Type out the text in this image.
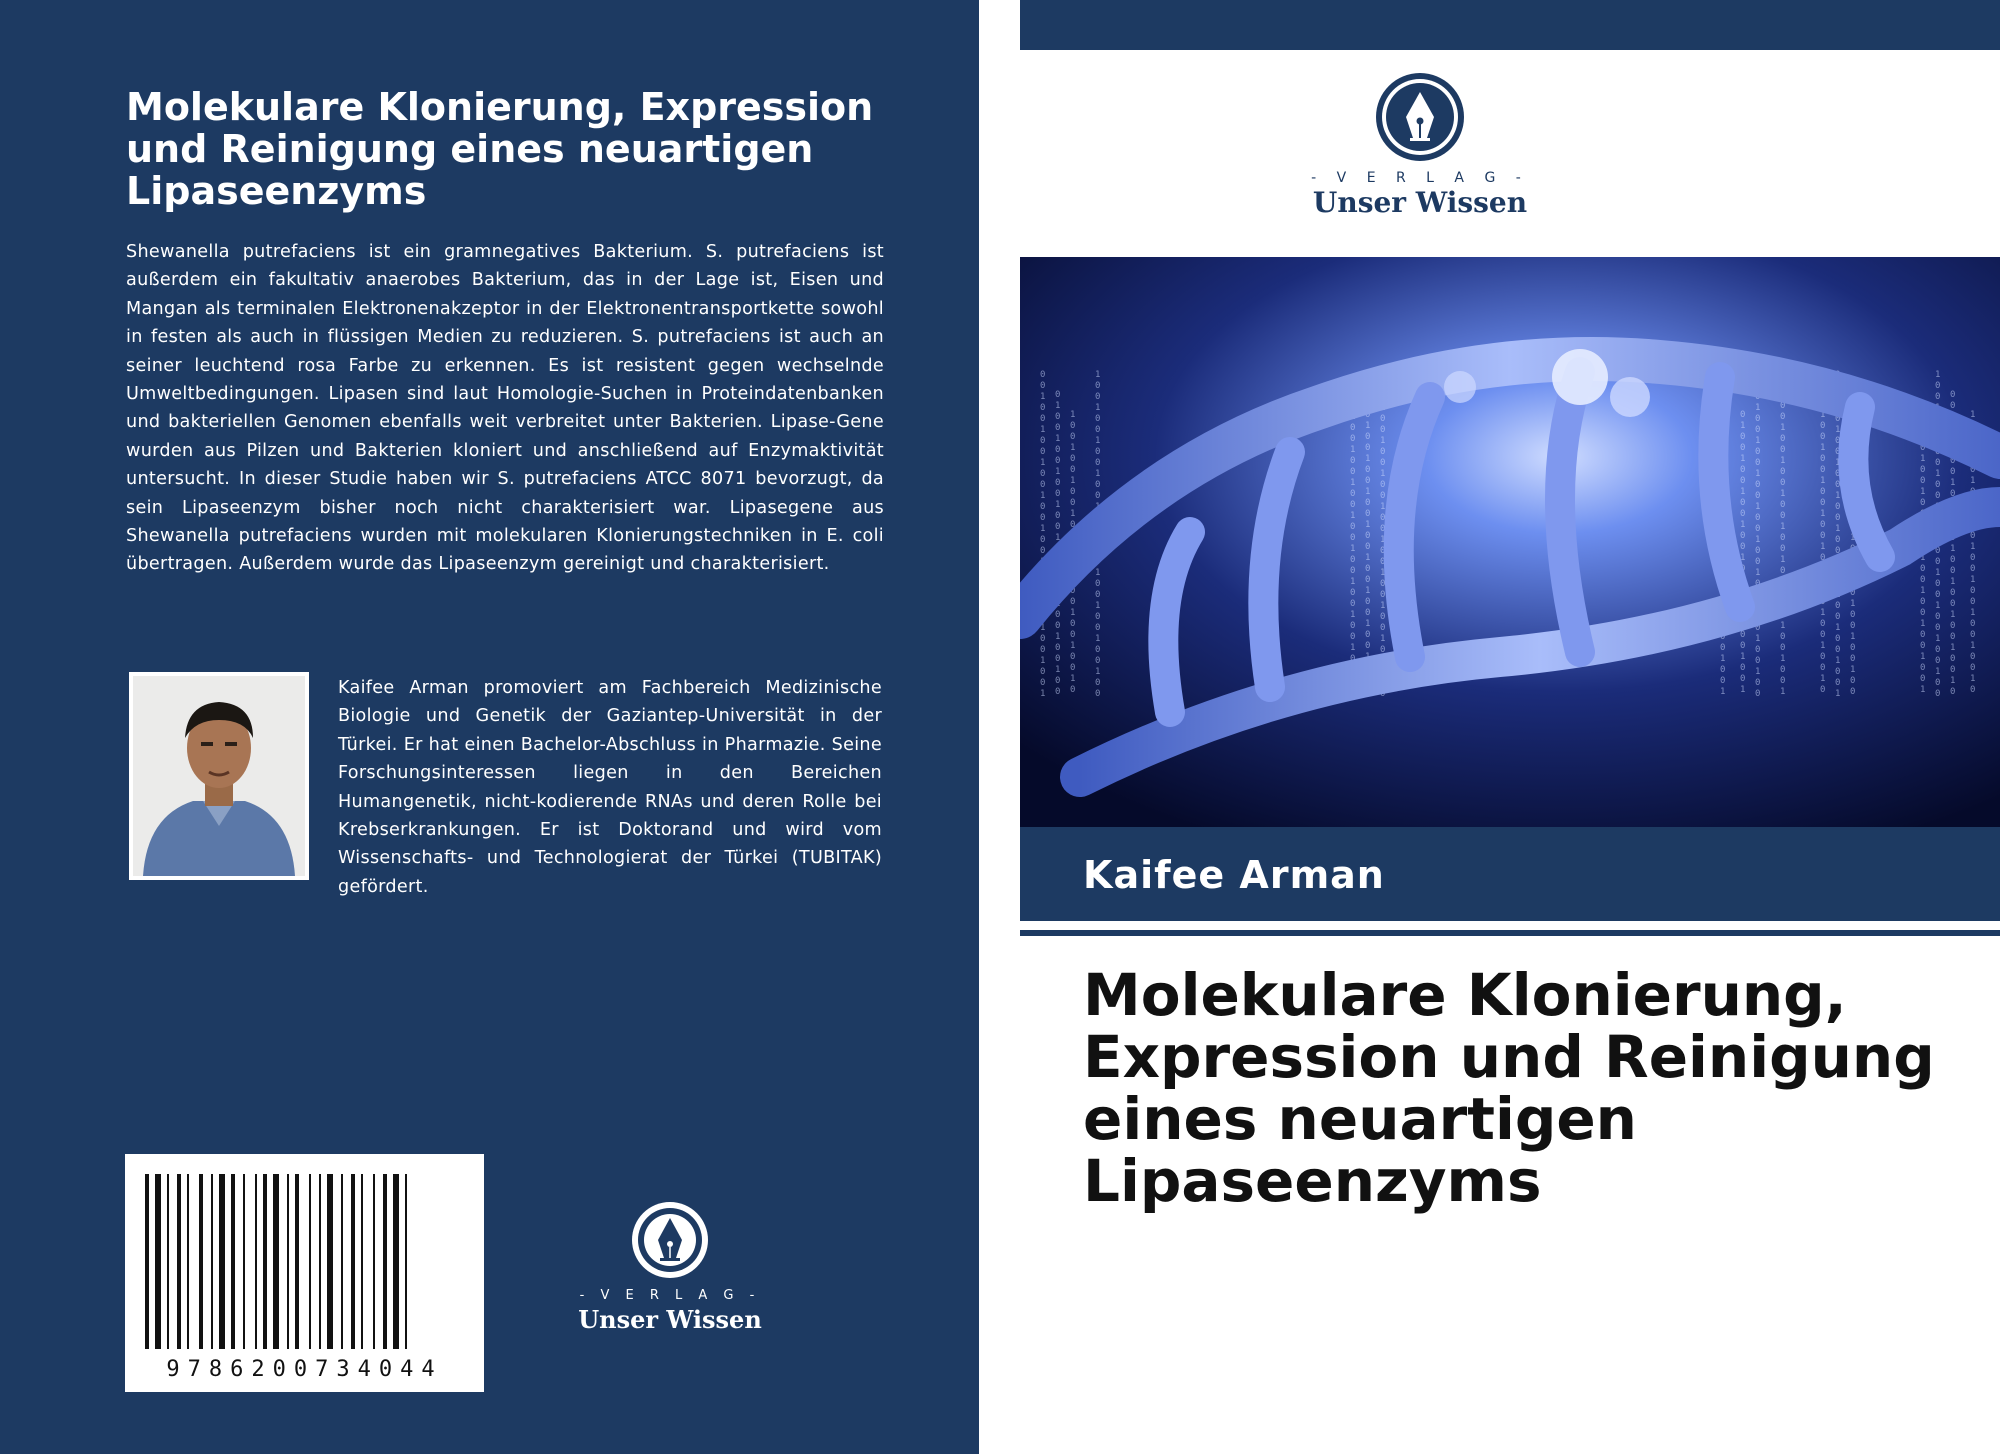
Molekulare Klonierung, Expression und Reinigung eines neuartigen Lipaseenzyms

Shewanella putrefaciens ist ein gramnegatives Bakterium. S. putrefaciens ist außerdem ein fakultativ anaerobes Bakterium, das in der Lage ist, Eisen und Mangan als terminalen Elektronenakzeptor in der Elektronentransportkette sowohl in festen als auch in flüssigen Medien zu reduzieren. S. putrefaciens ist auch an seiner leuchtend rosa Farbe zu erkennen. Es ist resistent gegen wechselnde Umweltbedingungen. Lipasen sind laut Homologie-Suchen in Proteindatenbanken und bakteriellen Genomen ebenfalls weit verbreitet unter Bakterien. Lipase-Gene wurden aus Pilzen und Bakterien kloniert und anschließend auf Enzymaktivität untersucht. In dieser Studie haben wir S. putrefaciens ATCC 8071 bevorzugt, da sein Lipaseenzym bisher noch nicht charakterisiert war. Lipasegene aus Shewanella putrefaciens wurden mit molekularen Klonierungstechniken in E. coli übertragen. Außerdem wurde das Lipaseenzym gereinigt und charakterisiert.

Kaifee Arman promoviert am Fachbereich Medizinische Biologie und Genetik der Gaziantep-Universität in der Türkei. Er hat einen Bachelor-Abschluss in Pharmazie. Seine Forschungsinteressen liegen in den Bereichen Humangenetik, nicht-kodierende RNAs und deren Rolle bei Krebserkrankungen. Er ist Doktorand und wird vom Wissenschafts- und Technologierat der Türkei (TUBITAK) gefördert.

9786200734044
- V E R L A G -
Unser Wissen
- V E R L A G -
Unser Wissen
0
0
1
0
0
1
0
0
1
0
0
1
0
0
1
0
0
1
0
0
1
0
0
1
0
0
1
0
0
1
0
1
0
0
1
0
0
1
0
0
1
0
0
1
0
0
1
0
0
1
0
0
1
0
0
1
0
0
1
0
0
1
0
0
1
0
0
1
0
0
1
0
0
1
0
0
1
0
0
1
0
0
1
0
1
0
0
1
0
0
1
0
0
1
0
0
1
0
0
1
0
0
1
0
0
1
0
0
1
0
0
1
0
0
0
0
1
0
0
1
0
0
1
0
0
1
0
0
1
0
0
1
0
0
1
0
0
1
0
0
1
0
0
1
0
0
1
0
0
1
0
0
1
0
0
1
0
0
1
0
0
1
0
0
1
0
0
1
1
0
0
1
0
0
1
0
0
1
0
0
1
0
0
1
0
0
1
0
0
1
0
0
1
0
0
1
0
0
1
0
0
1
0
0
1
0
0
1
0
0
1
0
0
1
0
0
1
0
0
1
0
0
1
0
0
1
0
1
0
0
1
0
0
1
0
0
1
0
0
1
0
0
1
0
0
1
0
0
1
0
0
1
1
0
0
1
0
0
1
0
0
1
0
0
1
0
0
1
0
0
1
0
0
1
0
0
1
0
0
1
0
0
1
0
0
1
0
0
1
0
0
1
0
0
1
0
0
1
0
0
1
0
0
1
0
0
1
0
0
1
1
0
0
1
0
0
1
0
0
1
0
0
1
0
0
1
0
0
1
0
0
1
0
0
1
0
0
0
1
0
0
1
0
0
1
0
0
1
0
0
1
0
0
1
0
0
1
0
0
1
0
0
1
0
0
1
0
1
0
0
1
0
0
1
0
0
1
0
0
1
0
0
1
0
0
1
0
0
1
0
0
1
0
0
0
1
0
0
1
0
0
1
0
0
1
0
0
1
0
0
1
0
0
1
0
0
1
0
0
1
1
0
0
1
0
0
1
0
0
1
0
0
1
0
0
1
0
0
1
0
0
1
0
0
1
0
0
1
0
0
0
0
1
0
0
1
0
0
1
0
0
1
0
0
1
0
0
1
0
0
1
0
0
1
0
0
1
0
1
0
0
1
0
0
1
0
0
1
0
0
1
0
0
1
0
0
1
0
0
1
0
0
1
0
Kaifee Arman
Molekulare Klonierung, Expression und Reinigung eines neuartigen Lipaseenzyms
